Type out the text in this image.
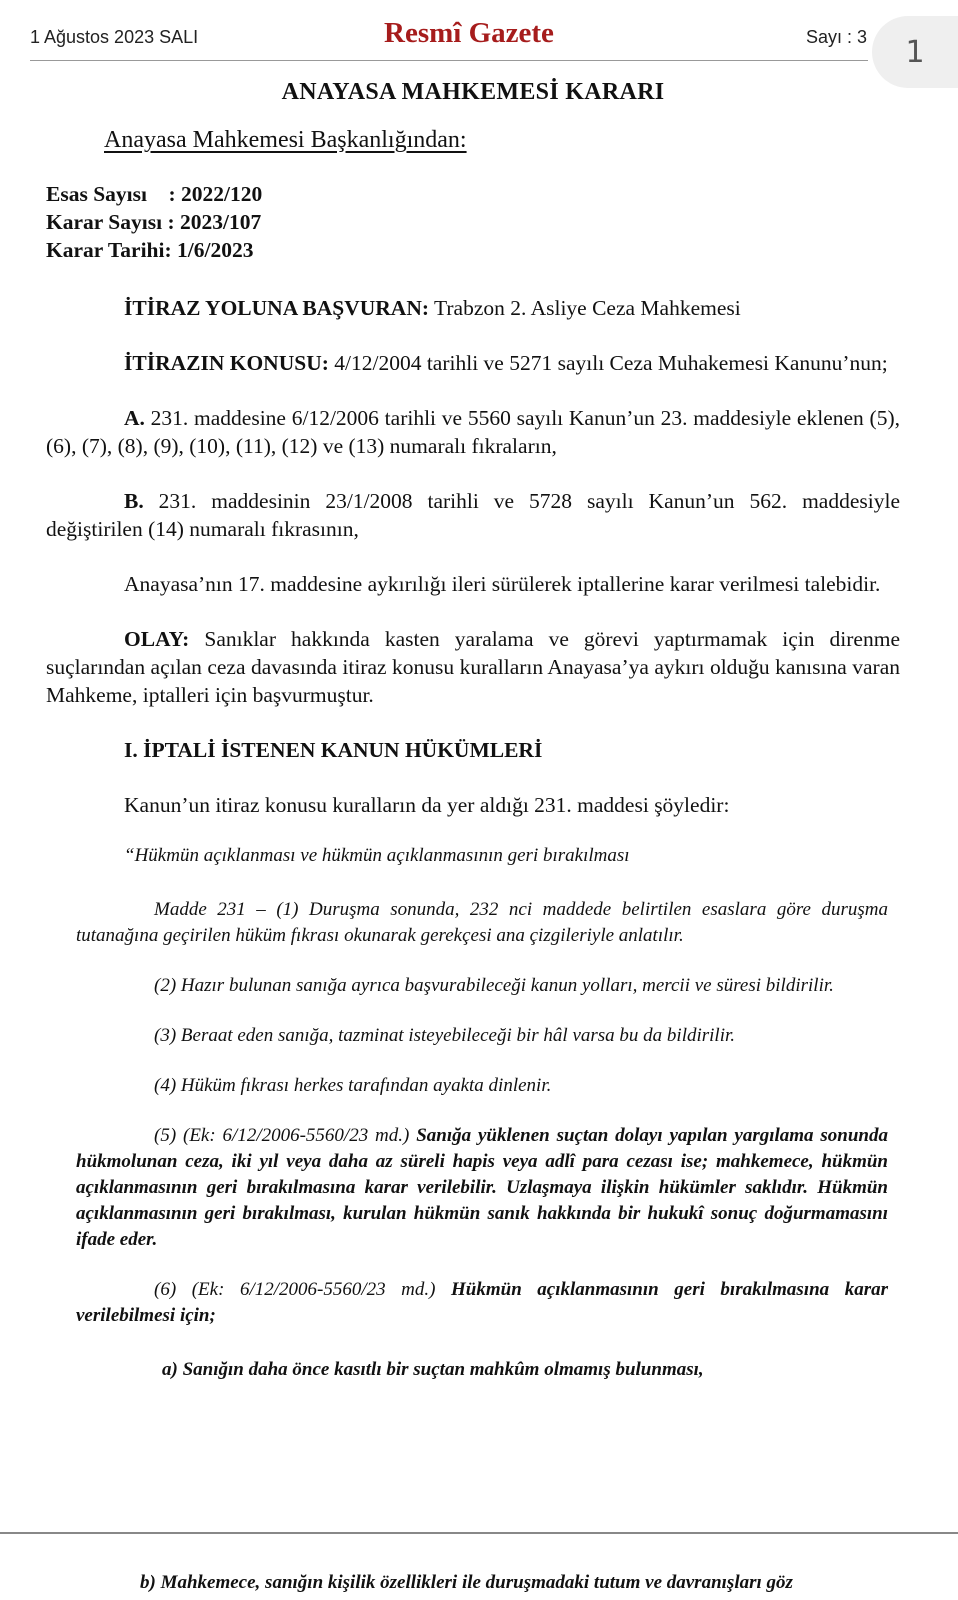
1 Ağustos 2023 SALI	Resmî Gazete	Sayı : 3	1

ANAYASA MAHKEMESİ KARARI

Anayasa Mahkemesi Başkanlığından:

Esas Sayısı    : 2022/120

Karar Sayısı : 2023/107

Karar Tarihi: 1/6/2023

İTİRAZ YOLUNA BAŞVURAN: Trabzon 2. Asliye Ceza Mahkemesi

İTİRAZIN KONUSU: 4/12/2004 tarihli ve 5271 sayılı Ceza Muhakemesi Kanunu’nun;

A. 231. maddesine 6/12/2006 tarihli ve 5560 sayılı Kanun’un 23. maddesiyle eklenen (5), (6), (7), (8), (9), (10), (11), (12) ve (13) numaralı fıkraların,

B. 231. maddesinin 23/1/2008 tarihli ve 5728 sayılı Kanun’un 562. maddesiyle değiştirilen (14) numaralı fıkrasının,

Anayasa’nın 17. maddesine aykırılığı ileri sürülerek iptallerine karar verilmesi talebidir.

OLAY: Sanıklar hakkında kasten yaralama ve görevi yaptırmamak için direnme suçlarından açılan ceza davasında itiraz konusu kuralların Anayasa’ya aykırı olduğu kanısına varan Mahkeme, iptalleri için başvurmuştur.

I. İPTALİ İSTENEN KANUN HÜKÜMLERİ

Kanun’un itiraz konusu kuralların da yer aldığı 231. maddesi şöyledir:

“Hükmün açıklanması ve hükmün açıklanmasının geri bırakılması

Madde 231 – (1) Duruşma sonunda, 232 nci maddede belirtilen esaslara göre duruşma tutanağına geçirilen hüküm fıkrası okunarak gerekçesi ana çizgileriyle anlatılır.

(2) Hazır bulunan sanığa ayrıca başvurabileceği kanun yolları, mercii ve süresi bildirilir.

(3) Beraat eden sanığa, tazminat isteyebileceği bir hâl varsa bu da bildirilir.

(4) Hüküm fıkrası herkes tarafından ayakta dinlenir.

(5) (Ek: 6/12/2006-5560/23 md.) Sanığa yüklenen suçtan dolayı yapılan yargılama sonunda hükmolunan ceza, iki yıl veya daha az süreli hapis veya adlî para cezası ise; mahkemece, hükmün açıklanmasının geri bırakılmasına karar verilebilir. Uzlaşmaya ilişkin hükümler saklıdır. Hükmün açıklanmasının geri bırakılması, kurulan hükmün sanık hakkında bir hukukî sonuç doğurmamasını ifade eder.

(6) (Ek: 6/12/2006-5560/23 md.) Hükmün açıklanmasının geri bırakılmasına karar verilebilmesi için;

a) Sanığın daha önce kasıtlı bir suçtan mahkûm olmamış bulunması,

b) Mahkemece, sanığın kişilik özellikleri ile duruşmadaki tutum ve davranışları göz
